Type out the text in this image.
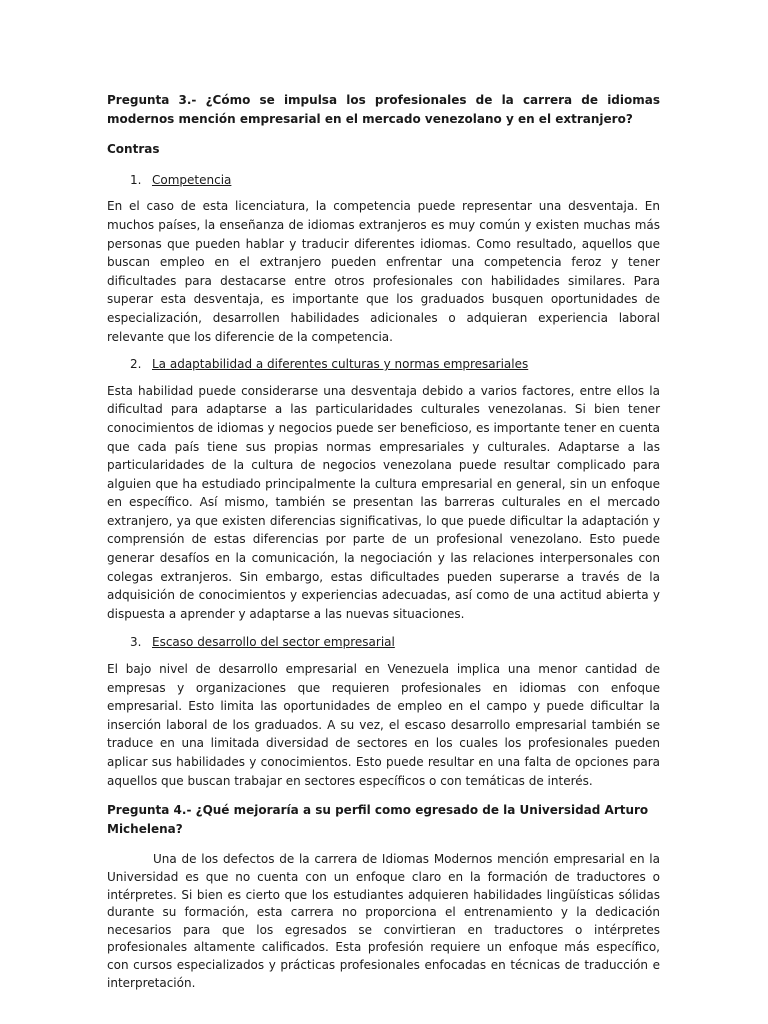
Pregunta 3.- ¿Cómo se impulsa los profesionales de la carrera de idiomas modernos mención empresarial en el mercado venezolano y en el extranjero?

Contras

1. Competencia

En el caso de esta licenciatura, la competencia puede representar una desventaja. En muchos países, la enseñanza de idiomas extranjeros es muy común y existen muchas más personas que pueden hablar y traducir diferentes idiomas. Como resultado, aquellos que buscan empleo en el extranjero pueden enfrentar una competencia feroz y tener dificultades para destacarse entre otros profesionales con habilidades similares. Para superar esta desventaja, es importante que los graduados busquen oportunidades de especialización, desarrollen habilidades adicionales o adquieran experiencia laboral relevante que los diferencie de la competencia.

2. La adaptabilidad a diferentes culturas y normas empresariales

Esta habilidad puede considerarse una desventaja debido a varios factores, entre ellos la dificultad para adaptarse a las particularidades culturales venezolanas. Si bien tener conocimientos de idiomas y negocios puede ser beneficioso, es importante tener en cuenta que cada país tiene sus propias normas empresariales y culturales. Adaptarse a las particularidades de la cultura de negocios venezolana puede resultar complicado para alguien que ha estudiado principalmente la cultura empresarial en general, sin un enfoque en específico. Así mismo, también se presentan las barreras culturales en el mercado extranjero, ya que existen diferencias significativas, lo que puede dificultar la adaptación y comprensión de estas diferencias por parte de un profesional venezolano. Esto puede generar desafíos en la comunicación, la negociación y las relaciones interpersonales con colegas extranjeros. Sin embargo, estas dificultades pueden superarse a través de la adquisición de conocimientos y experiencias adecuadas, así como de una actitud abierta y dispuesta a aprender y adaptarse a las nuevas situaciones.

3. Escaso desarrollo del sector empresarial

El bajo nivel de desarrollo empresarial en Venezuela implica una menor cantidad de empresas y organizaciones que requieren profesionales en idiomas con enfoque empresarial. Esto limita las oportunidades de empleo en el campo y puede dificultar la inserción laboral de los graduados. A su vez, el escaso desarrollo empresarial también se traduce en una limitada diversidad de sectores en los cuales los profesionales pueden aplicar sus habilidades y conocimientos. Esto puede resultar en una falta de opciones para aquellos que buscan trabajar en sectores específicos o con temáticas de interés.

Pregunta 4.- ¿Qué mejoraría a su perfil como egresado de la Universidad Arturo Michelena?

Una de los defectos de la carrera de Idiomas Modernos mención empresarial en la Universidad es que no cuenta con un enfoque claro en la formación de traductores o intérpretes. Si bien es cierto que los estudiantes adquieren habilidades lingüísticas sólidas durante su formación, esta carrera no proporciona el entrenamiento y la dedicación necesarios para que los egresados se convirtieran en traductores o intérpretes profesionales altamente calificados. Esta profesión requiere un enfoque más específico, con cursos especializados y prácticas profesionales enfocadas en técnicas de traducción e interpretación.
